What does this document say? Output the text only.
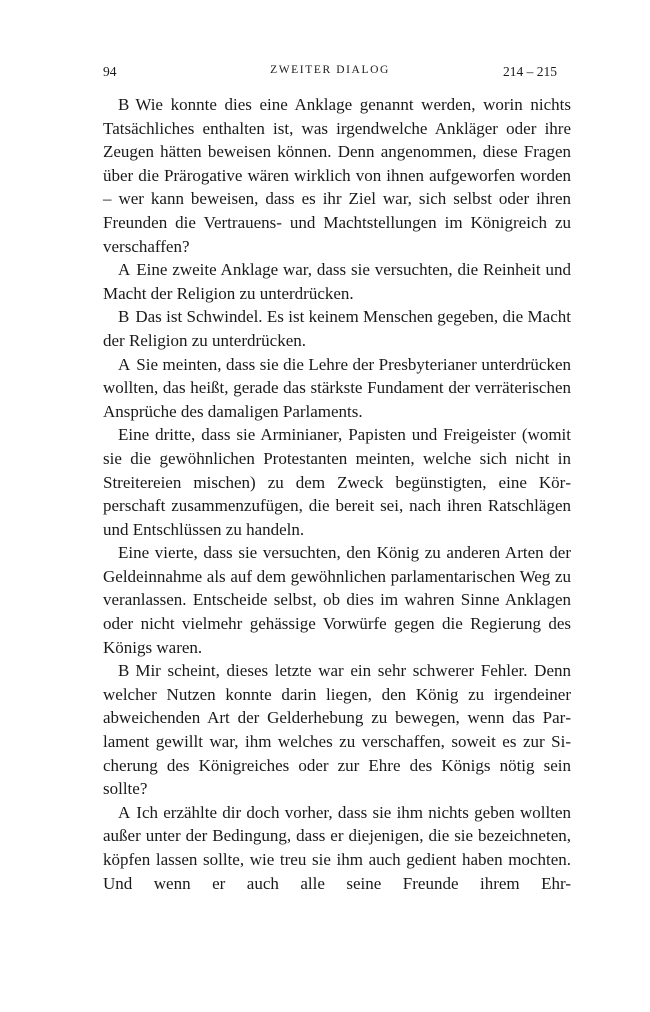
94	ZWEITER DIALOG	214 – 215

B Wie konnte dies eine Anklage genannt werden, worin nichts Tatsächliches enthalten ist, was irgendwelche Ankläger oder ihre Zeugen hätten beweisen können. Denn angenommen, diese Fragen über die Prärogative wären wirklich von ihnen aufgeworfen worden – wer kann beweisen, dass es ihr Ziel war, sich selbst oder ihren Freunden die Vertrauens- und Machtstellungen im Königreich zu verschaffen?

A Eine zweite Anklage war, dass sie versuchten, die Reinheit und Macht der Religion zu unterdrücken.

B Das ist Schwindel. Es ist keinem Menschen gegeben, die Macht der Religion zu unterdrücken.

A Sie meinten, dass sie die Lehre der Presbyterianer unterdrücken wollten, das heißt, gerade das stärkste Fundament der verräterischen Ansprüche des damaligen Parlaments.

Eine dritte, dass sie Arminianer, Papisten und Freigeister (womit sie die gewöhnlichen Protestanten meinten, welche sich nicht in Streitereien mischen) zu dem Zweck begünstigten, eine Körperschaft zusammenzufügen, die bereit sei, nach ihren Ratschlägen und Entschlüssen zu handeln.

Eine vierte, dass sie versuchten, den König zu anderen Arten der Geldeinnahme als auf dem gewöhnlichen parlamentarischen Weg zu veranlassen. Entscheide selbst, ob dies im wahren Sinne Anklagen oder nicht vielmehr gehässige Vorwürfe gegen die Regierung des Königs waren.

B Mir scheint, dieses letzte war ein sehr schwerer Fehler. Denn welcher Nutzen konnte darin liegen, den König zu irgendeiner abweichenden Art der Gelderhebung zu bewegen, wenn das Parlament gewillt war, ihm welches zu verschaffen, soweit es zur Sicherung des Königreiches oder zur Ehre des Königs nötig sein sollte?

A Ich erzählte dir doch vorher, dass sie ihm nichts geben wollten außer unter der Bedingung, dass er diejenigen, die sie bezeichneten, köpfen lassen sollte, wie treu sie ihm auch gedient haben mochten. Und wenn er auch alle seine Freunde ihrem Ehr-
